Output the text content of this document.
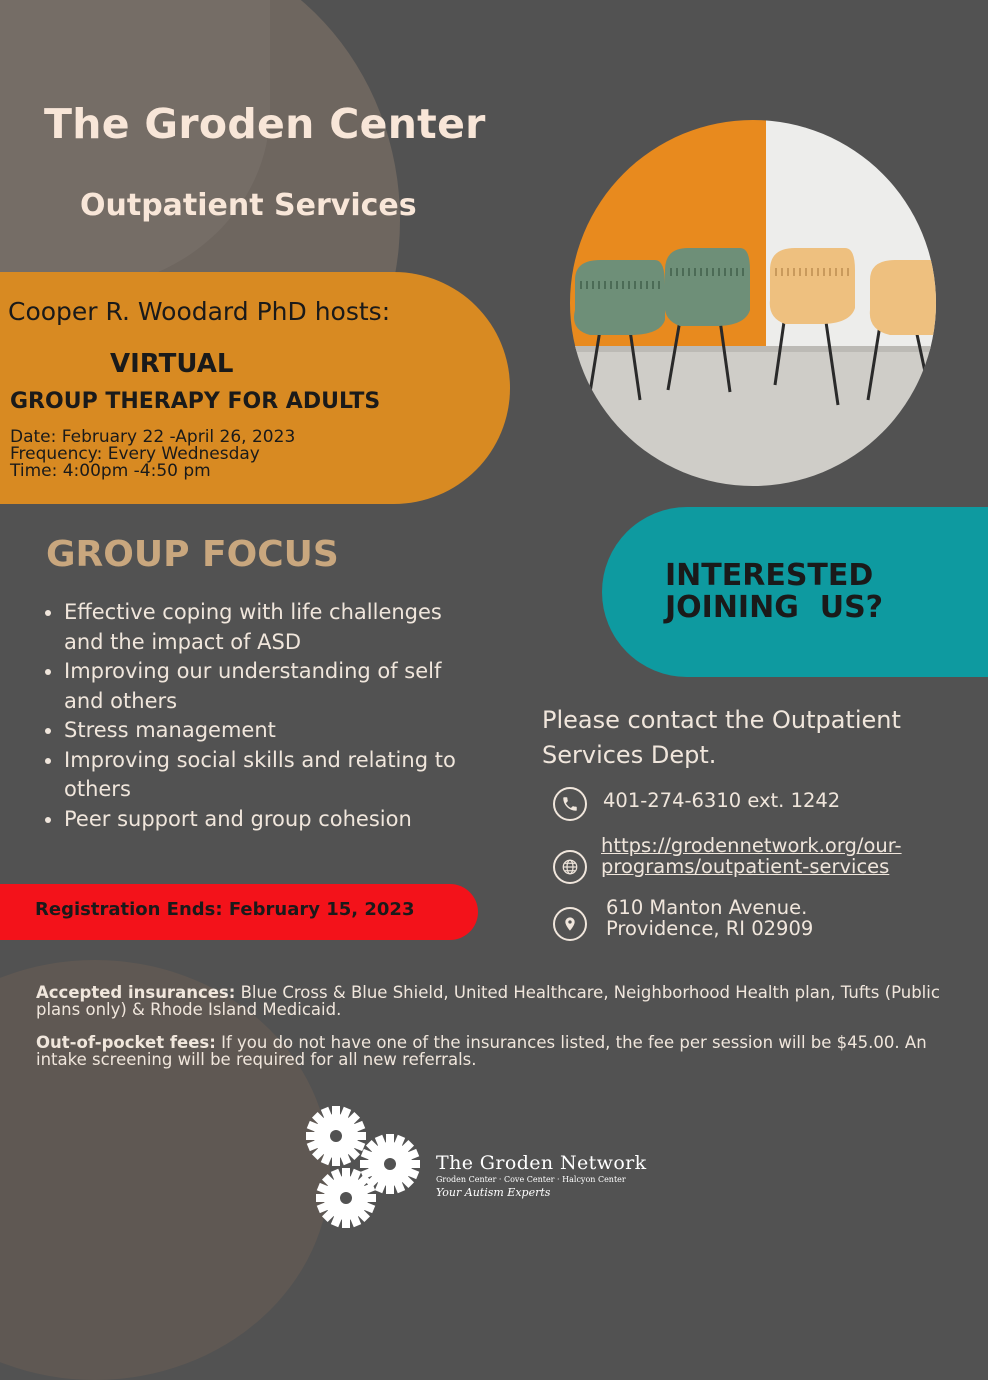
The Groden Center
Outpatient Services
Cooper R. Woodard PhD hosts:
VIRTUAL
GROUP THERAPY FOR ADULTS
Date: February 22 -April 26, 2023
Frequency: Every Wednesday
Time: 4:00pm -4:50 pm
INTERESTED
JOINING  US?
GROUP FOCUS
• Effective coping with life challenges and the impact of ASD
• Improving our understanding of self and others
• Stress management
• Improving social skills and relating to others
• Peer support and group cohesion
Registration Ends: February 15, 2023
Please contact the Outpatient Services Dept.
401-274-6310 ext. 1242
https://grodennetwork.org/our-
programs/outpatient-services
610 Manton Avenue.
Providence, RI 02909

Accepted insurances: Blue Cross & Blue Shield, United Healthcare, Neighborhood Health plan, Tufts (Public plans only) & Rhode Island Medicaid.

Out-of-pocket fees: If you do not have one of the insurances listed, the fee per session will be $45.00. An intake screening will be required for all new referrals.

The Groden Network
Groden Center · Cove Center · Halcyon Center
Your Autism Experts
